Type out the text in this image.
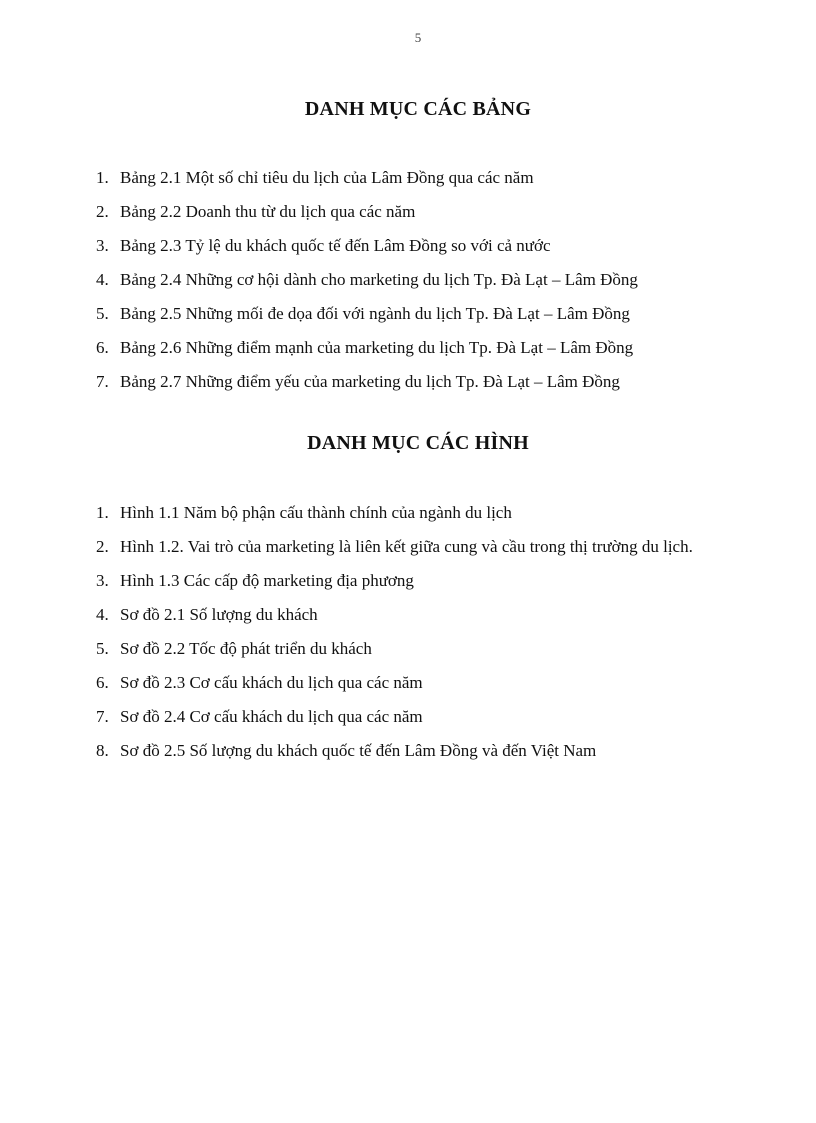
5
DANH MỤC CÁC BẢNG
1. Bảng 2.1 Một số chỉ tiêu du lịch của Lâm Đồng qua các năm
2. Bảng 2.2 Doanh thu từ du lịch qua các năm
3. Bảng 2.3 Tỷ lệ du khách quốc tế đến Lâm Đồng so với cả nước
4. Bảng 2.4 Những cơ hội dành cho marketing du lịch Tp. Đà Lạt – Lâm Đồng
5. Bảng 2.5 Những mối đe dọa đối với ngành du lịch Tp. Đà Lạt – Lâm Đồng
6. Bảng 2.6 Những điểm mạnh của marketing du lịch Tp. Đà Lạt – Lâm Đồng
7. Bảng 2.7 Những điểm yếu của marketing du lịch Tp. Đà Lạt – Lâm Đồng
DANH MỤC CÁC HÌNH
1. Hình 1.1 Năm bộ phận cấu thành chính của ngành du lịch
2. Hình 1.2. Vai trò của marketing là liên kết giữa cung và cầu trong thị trường du lịch.
3. Hình 1.3 Các cấp độ marketing địa phương
4. Sơ đồ 2.1 Số lượng du khách
5. Sơ đồ 2.2 Tốc độ phát triển du khách
6. Sơ đồ 2.3 Cơ cấu khách du lịch qua các năm
7. Sơ đồ 2.4 Cơ cấu khách du lịch qua các năm
8. Sơ đồ 2.5 Số lượng du khách quốc tế đến Lâm Đồng và đến Việt Nam
